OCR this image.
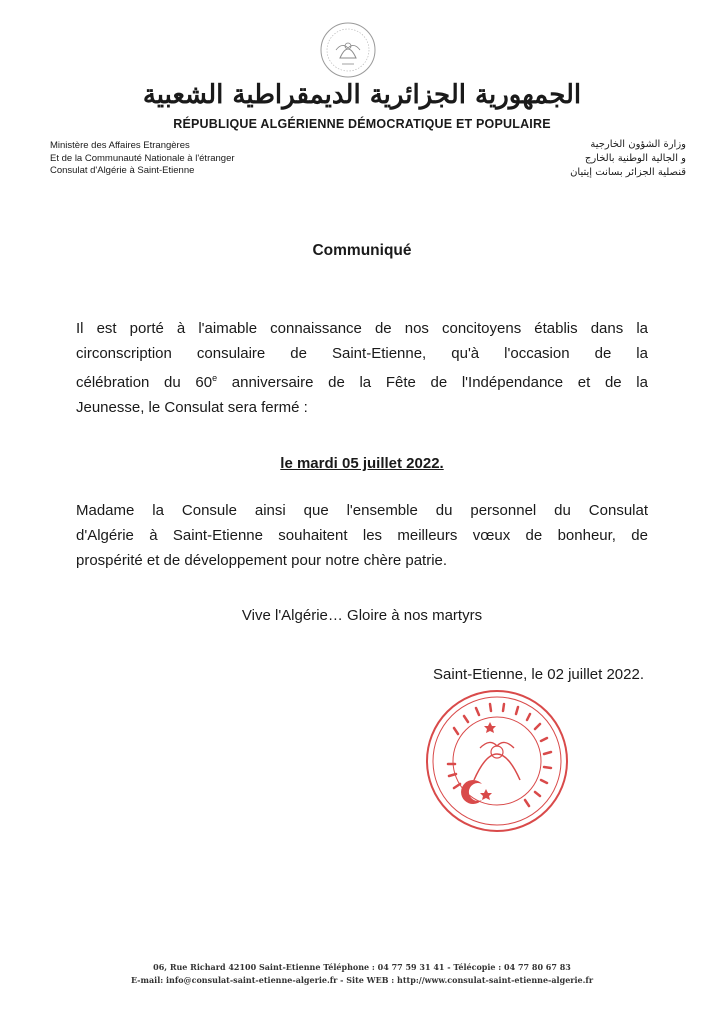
الجمهورية الجزائرية الديمقراطية الشعبية
RÉPUBLIQUE ALGÉRIENNE DÉMOCRATIQUE ET POPULAIRE
Ministère des Affaires Etrangères
Et de la Communauté Nationale à l'étranger
Consulat d'Algérie à Saint-Etienne
وزارة الشؤون الخارجية
و الجالية الوطنية بالخارج
قنصلية الجزائر بسانت إيتيان
Communiqué
Il est porté à l'aimable connaissance de nos concitoyens établis dans la
circonscription consulaire de Saint-Etienne, qu'à l'occasion de la
célébration du 60e anniversaire de la Fête de l'Indépendance et de la
Jeunesse, le Consulat sera fermé :
le mardi 05 juillet 2022.
Madame la Consule ainsi que l'ensemble du personnel du Consulat
d'Algérie à Saint-Etienne souhaitent les meilleurs vœux de bonheur, de
prospérité et de développement pour notre chère patrie.
Vive l'Algérie… Gloire à nos martyrs
Saint-Etienne, le 02 juillet 2022.
06, Rue Richard 42100 Saint-Etienne Téléphone : 04 77 59 31 41 - Télécopie : 04 77 80 67 83
E-mail: info@consulat-saint-etienne-algerie.fr - Site WEB : http://www.consulat-saint-etienne-algerie.fr
